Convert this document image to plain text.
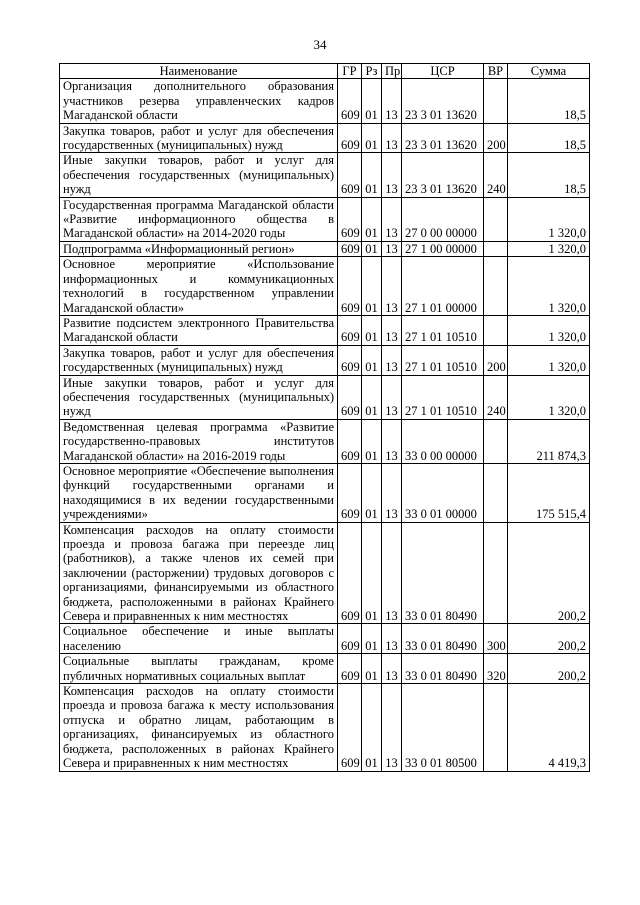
34
Наименование	ГР	Рз	Пр	ЦСР	ВР	Сумма
Организация дополнительного образования участников резерва управленческих кадров Магаданской области	609	01	13	23 3 01 13620		18,5
Закупка товаров, работ и услуг для обеспечения государственных (муниципальных) нужд	609	01	13	23 3 01 13620	200	18,5
Иные закупки товаров, работ и услуг для обеспечения государственных (муниципальных) нужд	609	01	13	23 3 01 13620	240	18,5
Государственная программа Магаданской области «Развитие информационного общества в Магаданской области» на 2014-2020 годы	609	01	13	27 0 00 00000		1 320,0
Подпрограмма «Информационный регион»	609	01	13	27 1 00 00000		1 320,0
Основное мероприятие «Использование информационных и коммуникационных технологий в государственном управлении Магаданской области»	609	01	13	27 1 01 00000		1 320,0
Развитие подсистем электронного Правительства Магаданской области	609	01	13	27 1 01 10510		1 320,0
Закупка товаров, работ и услуг для обеспечения государственных (муниципальных) нужд	609	01	13	27 1 01 10510	200	1 320,0
Иные закупки товаров, работ и услуг для обеспечения государственных (муниципальных) нужд	609	01	13	27 1 01 10510	240	1 320,0
Ведомственная целевая программа «Развитие государственно-правовых институтов Магаданской области» на 2016-2019 годы	609	01	13	33 0 00 00000		211 874,3
Основное мероприятие «Обеспечение выполнения функций государственными органами и находящимися в их ведении государственными учреждениями»	609	01	13	33 0 01 00000		175 515,4
Компенсация расходов на оплату стоимости проезда и провоза багажа при переезде лиц (работников), а также членов их семей при заключении (расторжении) трудовых договоров с организациями, финансируемыми из областного бюджета, расположенными в районах Крайнего Севера и приравненных к ним местностях	609	01	13	33 0 01 80490		200,2
Социальное обеспечение и иные выплаты населению	609	01	13	33 0 01 80490	300	200,2
Социальные выплаты гражданам, кроме публичных нормативных социальных выплат	609	01	13	33 0 01 80490	320	200,2
Компенсация расходов на оплату стоимости проезда и провоза багажа к месту использования отпуска и обратно лицам, работающим в организациях, финансируемых из областного бюджета, расположенных в районах Крайнего Севера и приравненных к ним местностях	609	01	13	33 0 01 80500		4 419,3
